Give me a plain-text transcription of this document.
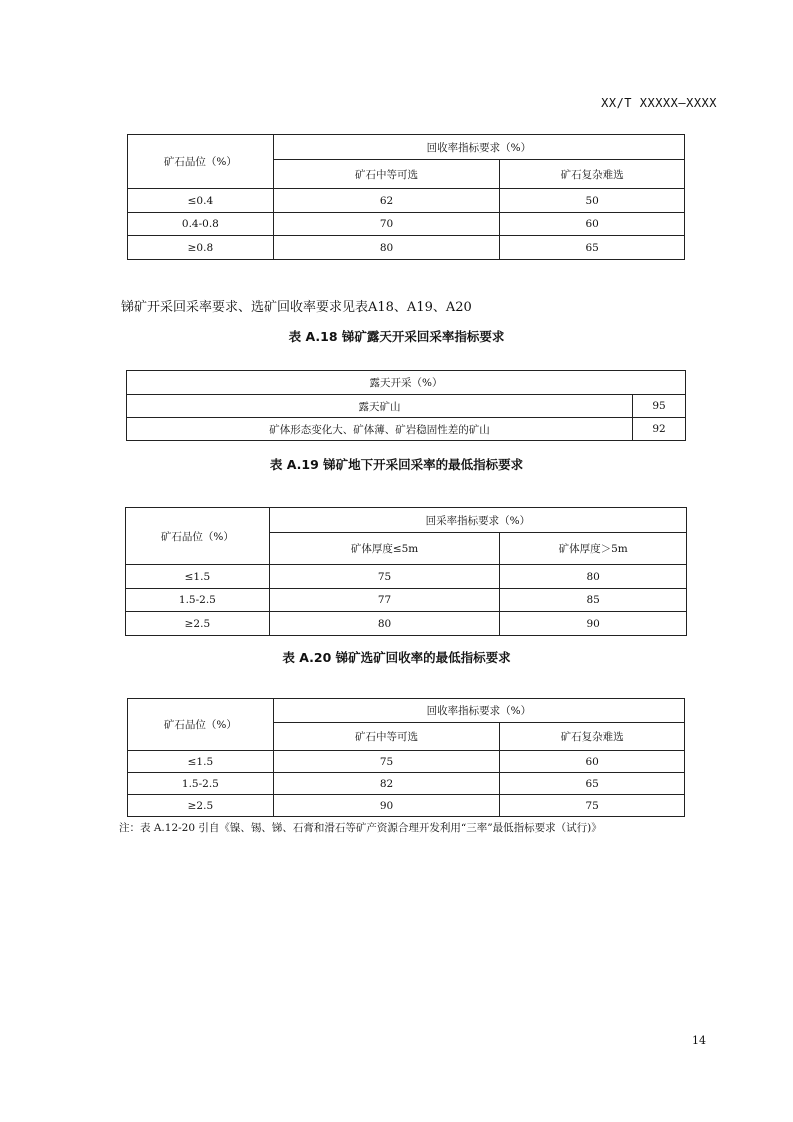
XX/T XXXXX—XXXX
矿石品位（%）	回收率指标要求（%）	
	矿石中等可选	矿石复杂难选
≤0.4	62	50
0.4-0.8	70	60
≥0.8	80	65
锑矿开采回采率要求、选矿回收率要求见表A18、A19、A20
表 A.18 锑矿露天开采回采率指标要求
露天开采（%）	
露天矿山	95
矿体形态变化大、矿体薄、矿岩稳固性差的矿山	92
表 A.19 锑矿地下开采回采率的最低指标要求
矿石品位（%）	回采率指标要求（%）	
	矿体厚度≤5m	矿体厚度＞5m
≤1.5	75	80
1.5-2.5	77	85
≥2.5	80	90
表 A.20 锑矿选矿回收率的最低指标要求
矿石品位（%）	回收率指标要求（%）	
	矿石中等可选	矿石复杂难选
≤1.5	75	60
1.5-2.5	82	65
≥2.5	90	75
注：表 A.12-20 引自《镍、锡、锑、石膏和滑石等矿产资源合理开发利用“三率”最低指标要求（试行)》
14
